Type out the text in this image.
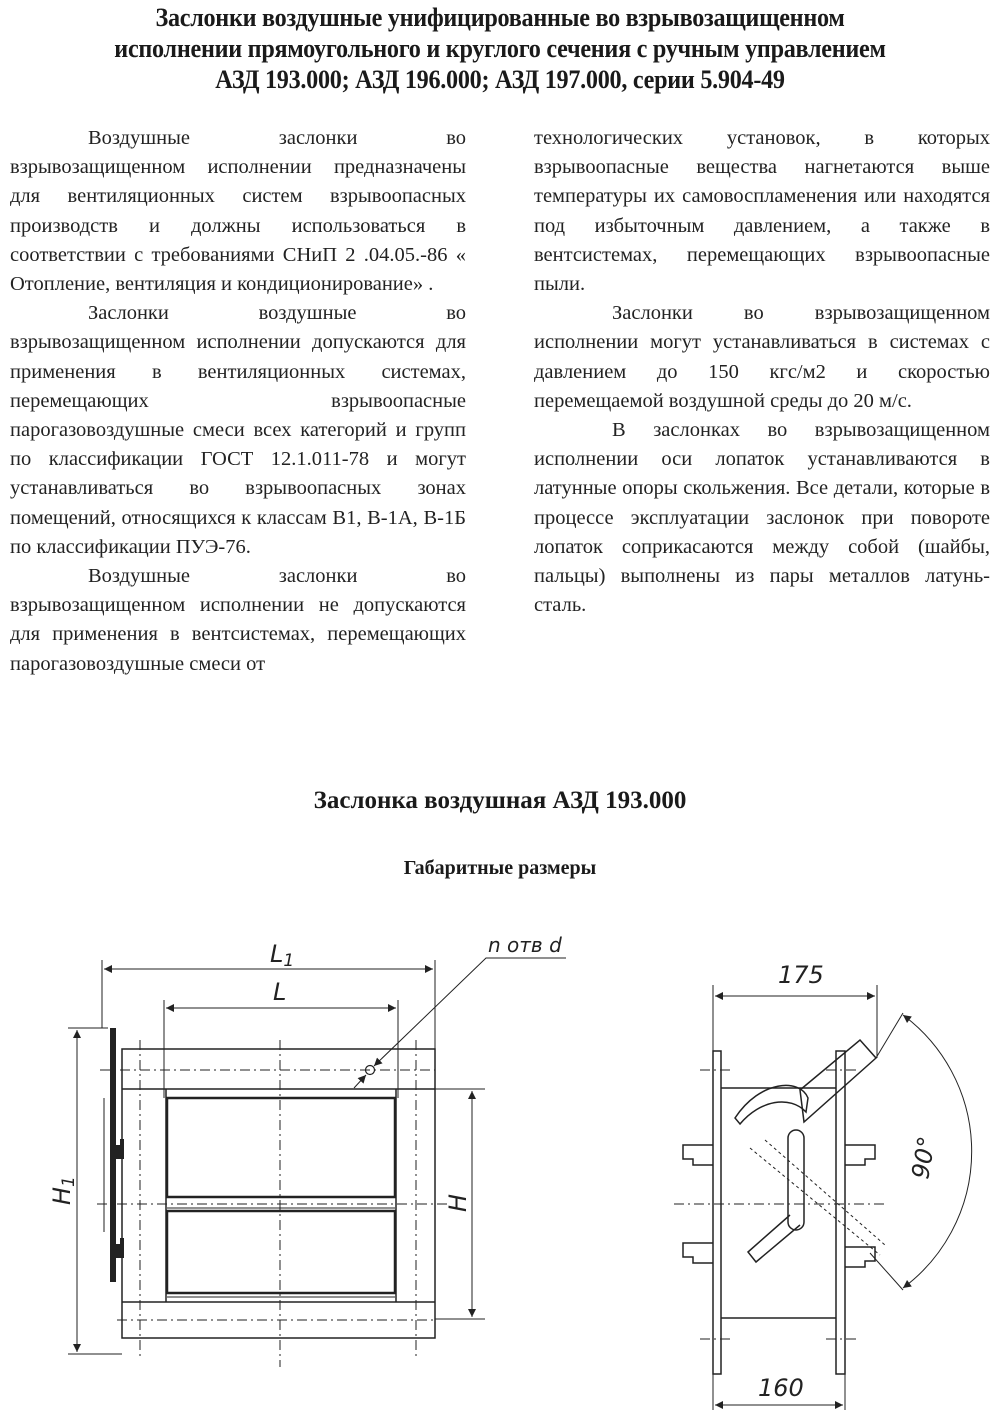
Заслонки воздушные унифицированные во взрывозащищенном
исполнении прямоугольного и круглого сечения с ручным управлением
АЗД 193.000; АЗД 196.000; АЗД 197.000, серии 5.904-49

Воздушные заслонки во взрывозащищенном исполнении предназначены для вентиляционных систем взрывоопасных производств и должны использоваться в соответствии с требованиями СНиП 2 .04.05.-86 « Отопление, вентиляция и кондиционирование» .

Заслонки воздушные во взрывозащищенном исполнении допускаются для применения в вентиляционных системах, перемещающих взрывоопасные парогазовоздушные смеси всех категорий и групп по классификации ГОСТ 12.1.011-78 и могут устанавливаться во взрывоопасных зонах помещений, относящихся к классам В1, В-1А, В-1Б по классификации ПУЭ-76.

Воздушные заслонки во взрывозащищенном исполнении не допускаются для применения в вентсистемах, перемещающих парогазовоздушные смеси от

технологических установок, в которых взрывоопасные вещества нагнетаются выше температуры их самовоспламенения или находятся под избыточным давлением, а также в вентсистемах, перемещающих взрывоопасные пыли.

Заслонки во взрывозащищенном исполнении могут устанавливаться в системах с давлением до 150 кгс/м2 и скоростью перемещаемой воздушной среды до 20 м/с.

В заслонках во взрывозащищенном исполнении оси лопаток устанавливаются в латунные опоры скольжения. Все детали, которые в процессе эксплуатации заслонок при повороте лопаток соприкасаются между собой (шайбы, пальцы) выполнены из пары металлов латунь-сталь.

Заслонка воздушная АЗД 193.000
Габаритные размеры
L1
L
H1
H
n отв d
175
160
90°
